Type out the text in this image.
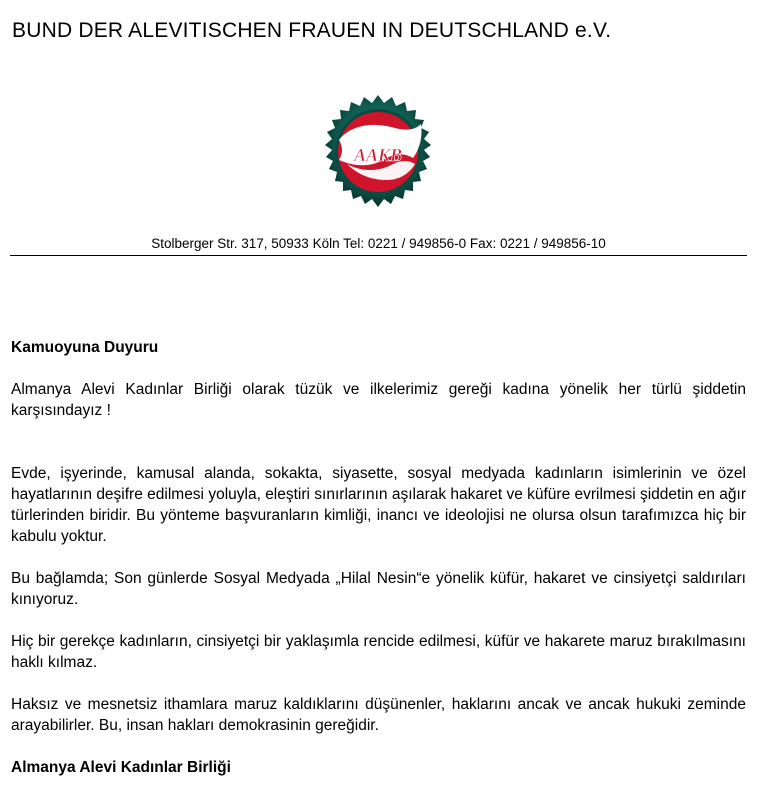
BUND DER ALEVITISCHEN FRAUEN IN DEUTSCHLAND e.V.
AAKB
Stolberger Str. 317, 50933 Köln Tel: 0221 / 949856-0 Fax: 0221 / 949856-10

Kamuoyuna Duyuru

Almanya Alevi Kadınlar Birliği olarak tüzük ve ilkelerimiz gereği kadına yönelik her türlü şiddetin karşısındayız !

Evde, işyerinde, kamusal alanda, sokakta, siyasette, sosyal medyada kadınların isimlerinin ve özel hayatlarının deşifre edilmesi yoluyla, eleştiri sınırlarının aşılarak hakaret ve küfüre evrilmesi şiddetin en ağır türlerinden biridir. Bu yönteme başvuranların kimliği, inancı ve ideolojisi ne olursa olsun tarafımızca hiç bir kabulu yoktur.

Bu bağlamda; Son günlerde Sosyal Medyada „Hilal Nesin“e yönelik küfür, hakaret ve cinsiyetçi saldırıları kınıyoruz.

Hiç bir gerekçe kadınların, cinsiyetçi bir yaklaşımla rencide edilmesi, küfür ve hakarete maruz bırakılmasını haklı kılmaz.

Haksız ve mesnetsiz ithamlara maruz kaldıklarını düşünenler, haklarını ancak ve ancak hukuki zeminde arayabilirler. Bu, insan hakları demokrasinin gereğidir.

Almanya Alevi Kadınlar Birliği
